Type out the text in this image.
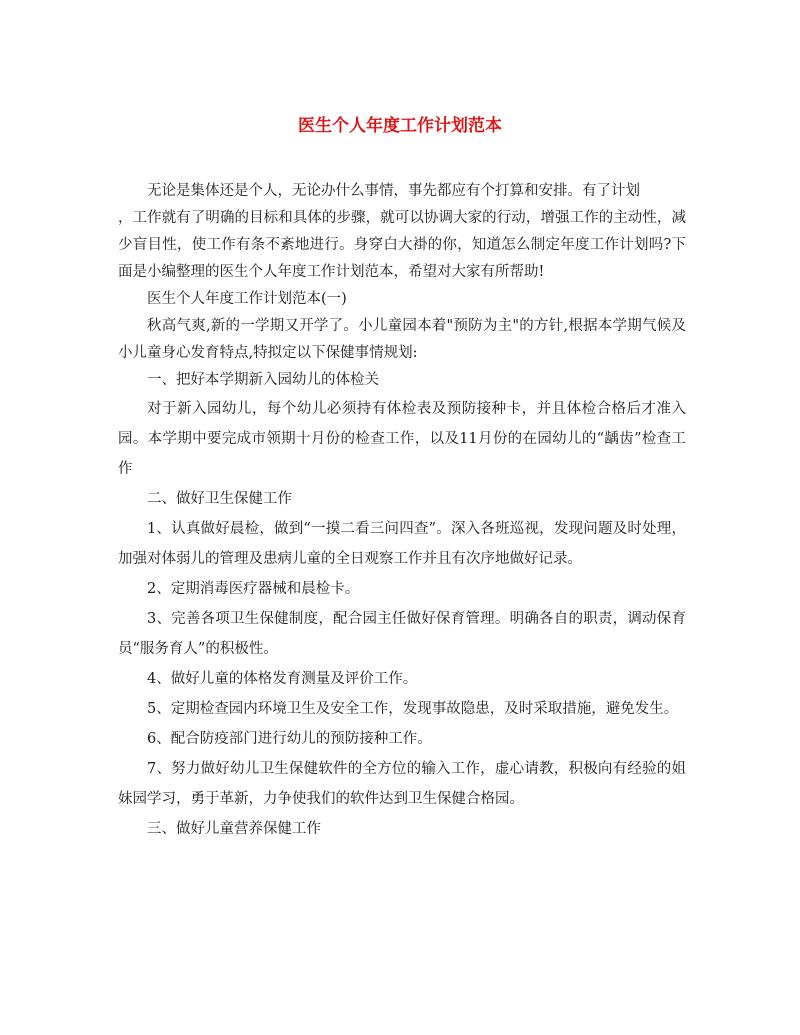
医生个人年度工作计划范本

无论是集体还是个人，无论办什么事情，事先都应有个打算和安排。有了计划

，工作就有了明确的目标和具体的步骤，就可以协调大家的行动，增强工作的主动性，减少盲目性，使工作有条不紊地进行。身穿白大褂的你，知道怎么制定年度工作计划吗?下面是小编整理的医生个人年度工作计划范本，希望对大家有所帮助!

医生个人年度工作计划范本(一)

秋高气爽,新的一学期又开学了。小儿童园本着"预防为主"的方针,根据本学期气候及小儿童身心发育特点,特拟定以下保健事情规划:

一、把好本学期新入园幼儿的体检关

对于新入园幼儿，每个幼儿必须持有体检表及预防接种卡，并且体检合格后才准入园。本学期中要完成市领期十月份的检查工作，以及11月份的在园幼儿的“龋齿”检查工作

二、做好卫生保健工作

1、认真做好晨检，做到“一摸二看三问四查”。深入各班巡视，发现问题及时处理，加强对体弱儿的管理及患病儿童的全日观察工作并且有次序地做好记录。

2、定期消毒医疗器械和晨检卡。

3、完善各项卫生保健制度，配合园主任做好保育管理。明确各自的职责，调动保育员“服务育人”的积极性。

4、做好儿童的体格发育测量及评价工作。

5、定期检查园内环境卫生及安全工作，发现事故隐患，及时采取措施，避免发生。

6、配合防疫部门进行幼儿的预防接种工作。

7、努力做好幼儿卫生保健软件的全方位的输入工作，虚心请教，积极向有经验的姐妹园学习，勇于革新，力争使我们的软件达到卫生保健合格园。

三、做好儿童营养保健工作
